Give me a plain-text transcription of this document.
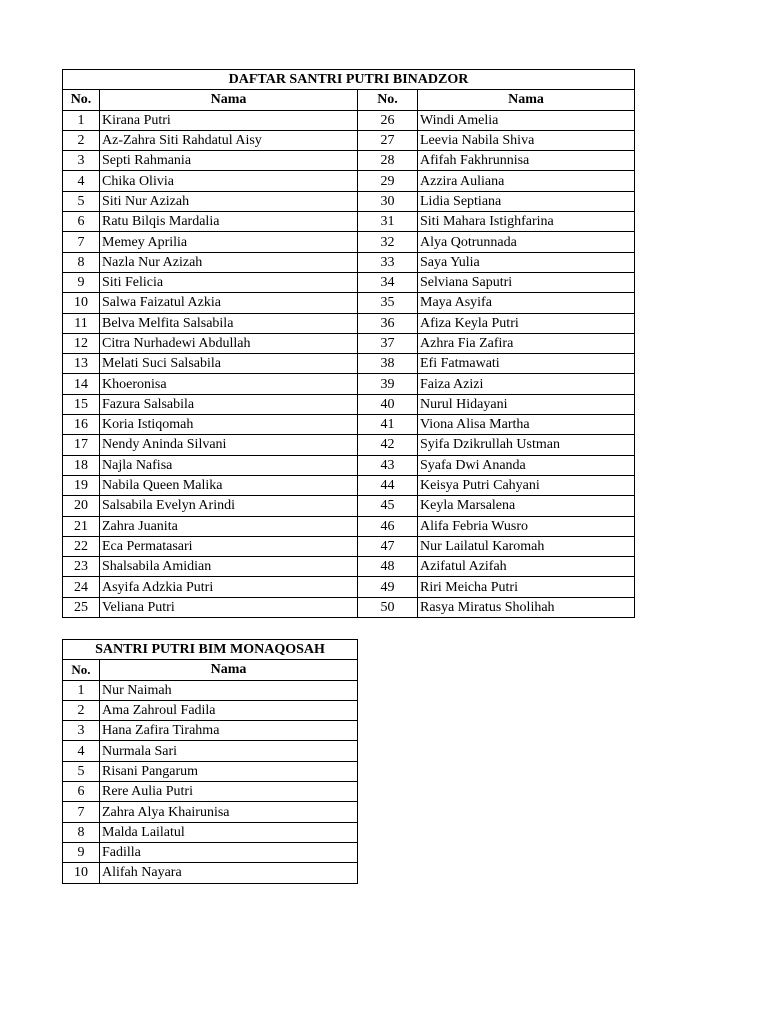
DAFTAR SANTRI PUTRI BINADZOR			
No.	Nama	No.	Nama
1	Kirana Putri	26	Windi Amelia
2	Az-Zahra Siti Rahdatul Aisy	27	Leevia Nabila Shiva
3	Septi Rahmania	28	Afifah Fakhrunnisa
4	Chika Olivia	29	Azzira Auliana
5	Siti Nur Azizah	30	Lidia Septiana
6	Ratu Bilqis Mardalia	31	Siti Mahara Istighfarina
7	Memey Aprilia	32	Alya Qotrunnada
8	Nazla Nur Azizah	33	Saya Yulia
9	Siti Felicia	34	Selviana Saputri
10	Salwa Faizatul Azkia	35	Maya Asyifa
11	Belva Melfita Salsabila	36	Afiza Keyla Putri
12	Citra Nurhadewi Abdullah	37	Azhra Fia Zafira
13	Melati Suci Salsabila	38	Efi Fatmawati
14	Khoeronisa	39	Faiza Azizi
15	Fazura Salsabila	40	Nurul Hidayani
16	Koria Istiqomah	41	Viona Alisa Martha
17	Nendy Aninda Silvani	42	Syifa Dzikrullah Ustman
18	Najla Nafisa	43	Syafa Dwi Ananda
19	Nabila Queen Malika	44	Keisya Putri Cahyani
20	Salsabila Evelyn Arindi	45	Keyla Marsalena
21	Zahra Juanita	46	Alifa Febria Wusro
22	Eca Permatasari	47	Nur Lailatul Karomah
23	Shalsabila Amidian	48	Azifatul Azifah
24	Asyifa Adzkia Putri	49	Riri Meicha Putri
25	Veliana Putri	50	Rasya Miratus Sholihah
SANTRI PUTRI BIM MONAQOSAH	
No.	Nama
1	Nur Naimah
2	Ama Zahroul Fadila
3	Hana Zafira Tirahma
4	Nurmala Sari
5	Risani Pangarum
6	Rere Aulia Putri
7	Zahra Alya Khairunisa
8	Malda Lailatul
9	Fadilla
10	Alifah Nayara
